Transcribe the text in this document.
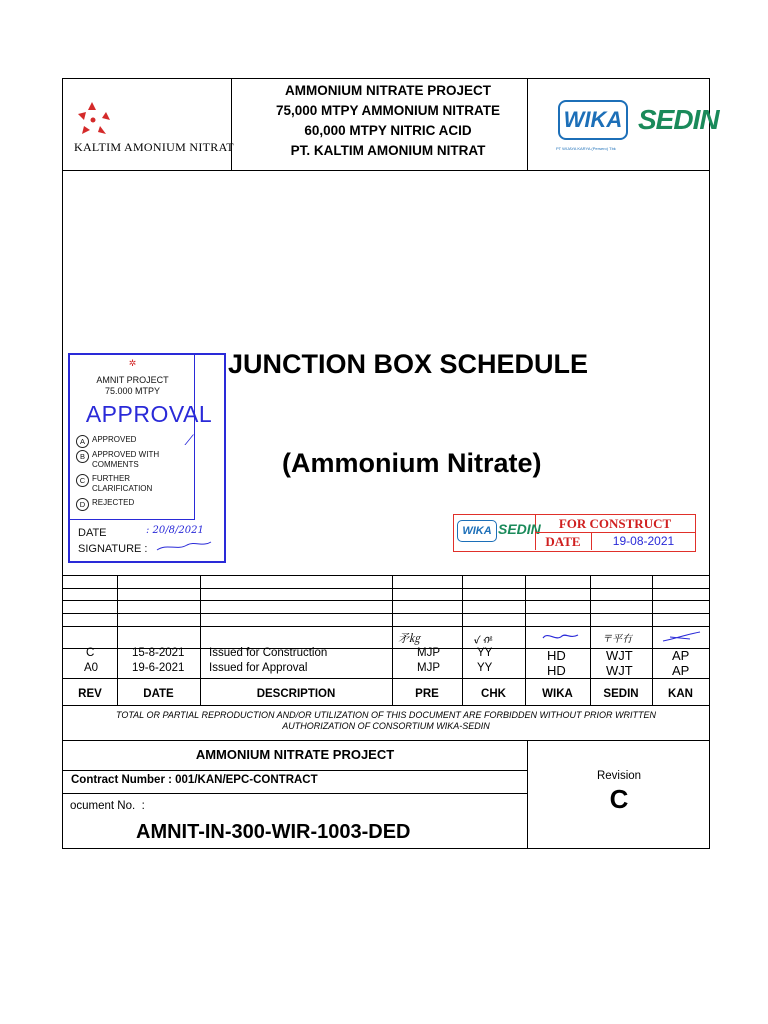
KALTIM AMONIUM NITRAT
AMMONIUM NITRATE PROJECT
75,000 MTPY AMMONIUM NITRATE
60,000 MTPY NITRIC ACID
PT. KALTIM AMONIUM NITRAT
WIKA
PT WIJAYA KARYA (Persero) Tbk
SEDIN
✲
AMNIT PROJECT
75.000 MTPY
APPROVAL
A APPROVED
B APPROVED WITH COMMENTS
C FURTHER CLARIFICATION
D REJECTED
⁄
DATE	: 20/8/2021
SIGNATURE :
JUNCTION BOX SCHEDULE
(Ammonium Nitrate)
WIKA SEDIN	FOR CONSTRUCT
DATE	19-08-2021
矛㎏	᠊ᠠ ᡥ	〒平冇
C	15-8-2021 Issued for Construction	MJP	YY	HD	WJT	AP
A0	19-6-2021 Issued for Approval	MJP	YY	HD	WJT	AP
REV	DATE	DESCRIPTION	PRE	CHK	WIKA	SEDIN	KAN
TOTAL OR PARTIAL REPRODUCTION AND/OR UTILIZATION OF THIS DOCUMENT ARE FORBIDDEN WITHOUT PRIOR WRITTEN AUTHORIZATION OF CONSORTIUM WIKA-SEDIN
AMMONIUM NITRATE PROJECT
Contract Number : 001/KAN/EPC-CONTRACT
ocument No.  :
AMNIT-IN-300-WIR-1003-DED
Revision
C
